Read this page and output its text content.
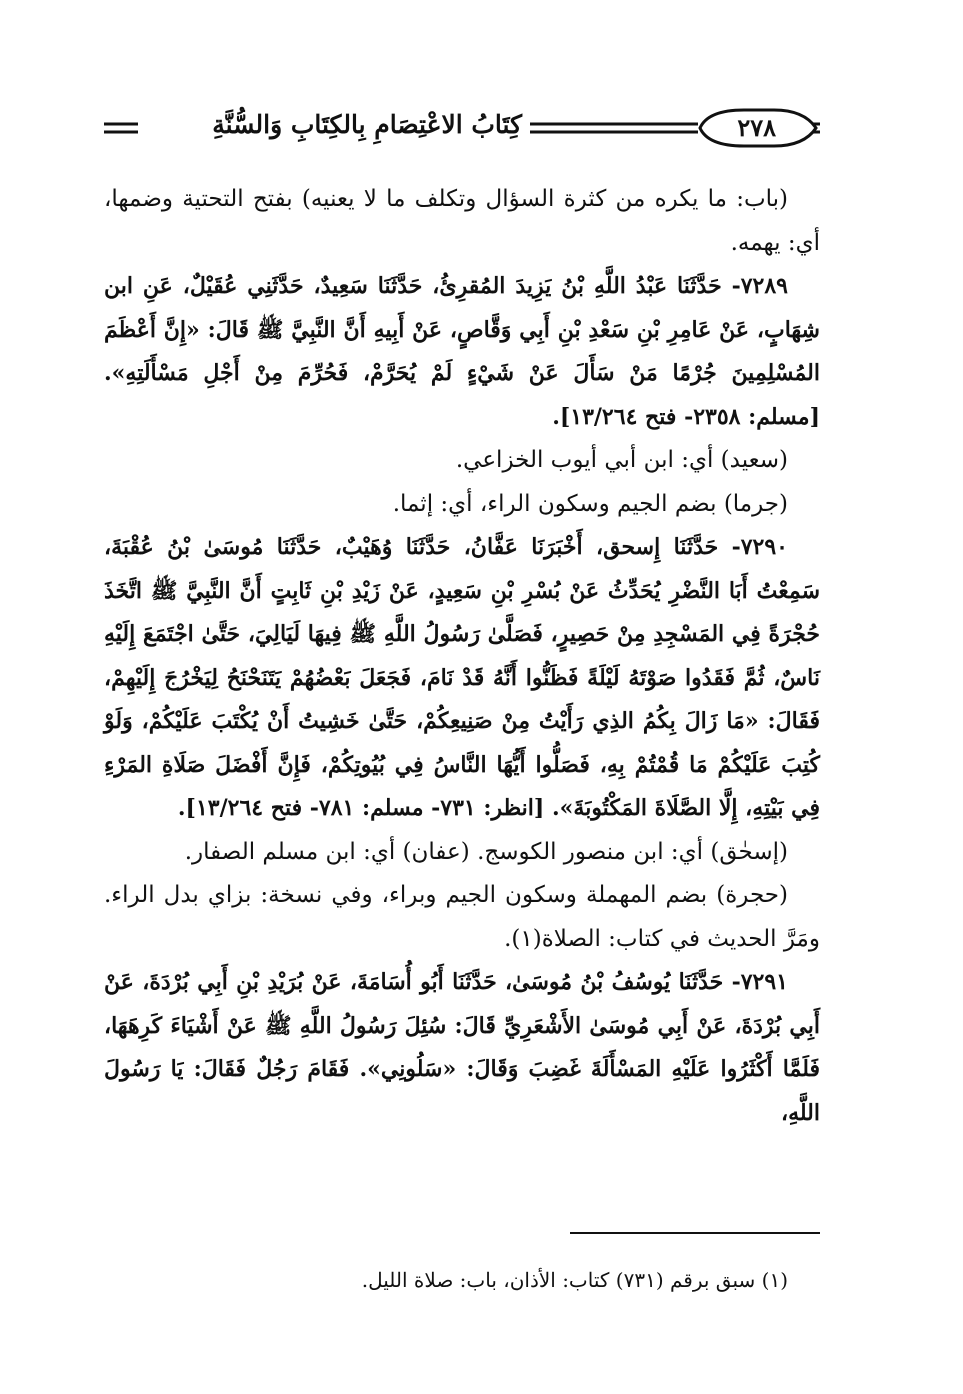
كِتَابُ الاعْتِصَامِ بِالكِتَابِ وَالسُّنَّةِ	٢٧٨

(باب: ما يكره من كثرة السؤال وتكلف ما لا يعنيه) بفتح التحتية وضمها، أي: يهمه.

٧٢٨٩- حَدَّثَنَا عَبْدُ اللَّهِ بْنُ يَزِيدَ المُقرِئُ، حَدَّثَنَا سَعِيدٌ، حَدَّثَنِي عُقَيْلٌ، عَنِ ابن شِهَابٍ، عَنْ عَامِرِ بْنِ سَعْدِ بْنِ أَبِي وَقَّاصٍ، عَنْ أَبِيهِ أَنَّ النَّبِيَّ ﷺ قَالَ: «إِنَّ أَعْظَمَ المُسْلِمِينَ جُرْمًا مَنْ سَأَلَ عَنْ شَيْءٍ لَمْ يُحَرَّمْ، فَحُرِّمَ مِنْ أَجْلِ مَسْأَلَتِهِ». [مسلم: ٢٣٥٨- فتح ١٣/٢٦٤].

(سعيد) أي: ابن أبي أيوب الخزاعي.

(جرما) بضم الجيم وسكون الراء، أي: إثما.

٧٢٩٠- حَدَّثَنَا إِسحق، أَخْبَرَنَا عَفَّانُ، حَدَّثَنَا وُهَيْبٌ، حَدَّثَنَا مُوسَىٰ بْنُ عُقْبَةَ، سَمِعْتُ أَبَا النَّضْرِ يُحَدِّثُ عَنْ بُسْرِ بْنِ سَعِيدٍ، عَنْ زَيْدِ بْنِ ثَابِتٍ أَنَّ النَّبِيَّ ﷺ اتَّخَذَ حُجْرَةً فِي المَسْجِدِ مِنْ حَصِيرٍ، فَصَلَّىٰ رَسُولُ اللَّهِ ﷺ فِيهَا لَيَالِيَ، حَتَّىٰ اجْتَمَعَ إِلَيْهِ نَاسٌ، ثُمَّ فَقَدُوا صَوْتَهُ لَيْلَةً فَظَنُّوا أَنَّهُ قَدْ نَامَ، فَجَعَلَ بَعْضُهُمْ يَتَنَحْنَحُ لِيَخْرُجَ إِلَيْهِمْ، فَقَالَ: «مَا زَالَ بِكُمُ الذِي رَأَيْتُ مِنْ صَنِيعِكُمْ، حَتَّىٰ خَشِيتُ أَنْ يُكْتَبَ عَلَيْكُمْ، وَلَوْ كُتِبَ عَلَيْكُمْ مَا قُمْتُمْ بِهِ، فَصَلُّوا أَيُّهَا النَّاسُ فِي بُيُوتِكُمْ، فَإِنَّ أَفْضَلَ صَلَاةِ المَرْءِ فِي بَيْتِهِ، إِلَّا الصَّلَاةَ المَكْتُوبَةَ». [انظر: ٧٣١- مسلم: ٧٨١- فتح ١٣/٢٦٤].

(إسحٰق) أي: ابن منصور الكوسج. (عفان) أي: ابن مسلم الصفار.

(حجرة) بضم المهملة وسكون الجيم وبراء، وفي نسخة: بزاي بدل الراء. ومَرَّ الحديث في كتاب: الصلاة(١).

٧٢٩١- حَدَّثَنَا يُوسُفُ بْنُ مُوسَىٰ، حَدَّثَنَا أَبُو أُسَامَةَ، عَنْ بُرَيْدِ بْنِ أَبِي بُرْدَةَ، عَنْ أَبِي بُرْدَةَ، عَنْ أَبِي مُوسَىٰ الأَشْعَرِيِّ قَالَ: سُئِلَ رَسُولُ اللَّهِ ﷺ عَنْ أَشْيَاءَ كَرِهَهَا، فَلَمَّا أَكْثَرُوا عَلَيْهِ المَسْأَلَةَ غَضِبَ وَقَالَ: «سَلُونِي». فَقَامَ رَجُلٌ فَقَالَ: يَا رَسُولَ اللَّهِ،

(١) سبق برقم (٧٣١) كتاب: الأذان، باب: صلاة الليل.
